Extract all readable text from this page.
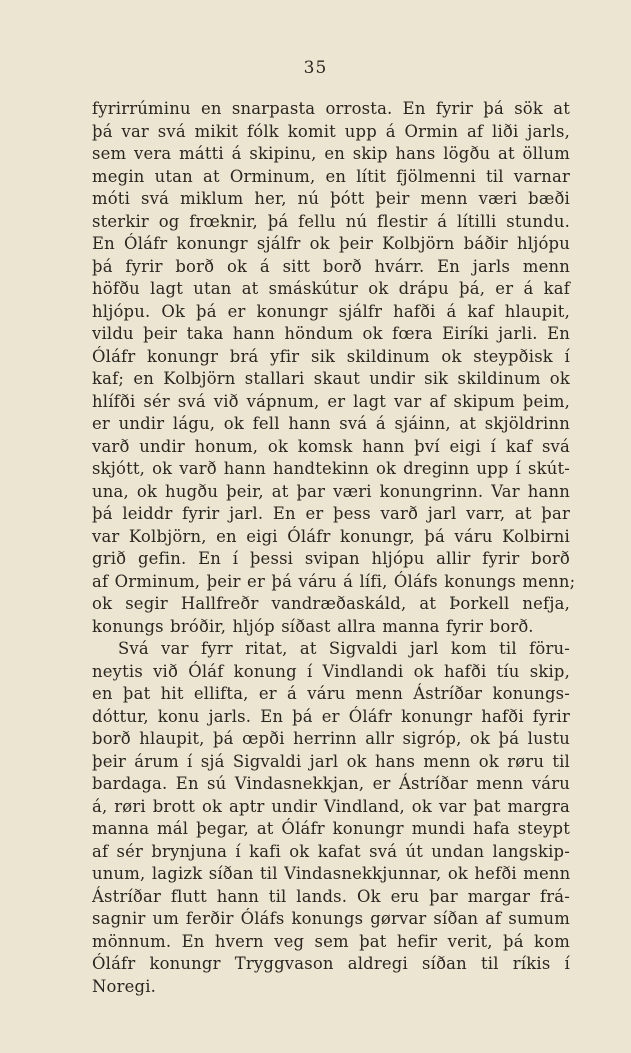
35
fyrirrúminu en snarpasta orrosta. En fyrir þá sök at
þá var svá mikit fólk komit upp á Ormin af liði jarls,
sem vera mátti á skipinu, en skip hans lögðu at öllum
megin utan at Orminum, en lítit fjölmenni til varnar
móti svá miklum her, nú þótt þeir menn væri bæði
sterkir og frœknir, þá fellu nú flestir á lítilli stundu.
En Óláfr konungr sjálfr ok þeir Kolbjörn báðir hljópu
þá fyrir borð ok á sitt borð hvárr. En jarls menn
höfðu lagt utan at smáskútur ok drápu þá, er á kaf
hljópu. Ok þá er konungr sjálfr hafði á kaf hlaupit,
vildu þeir taka hann höndum ok fœra Eiríki jarli. En
Óláfr konungr brá yfir sik skildinum ok steypðisk í
kaf; en Kolbjörn stallari skaut undir sik skildinum ok
hlífði sér svá við vápnum, er lagt var af skipum þeim,
er undir lágu, ok fell hann svá á sjáinn, at skjöldrinn
varð undir honum, ok komsk hann því eigi í kaf svá
skjótt, ok varð hann handtekinn ok dreginn upp í skút-
una, ok hugðu þeir, at þar væri konungrinn. Var hann
þá leiddr fyrir jarl. En er þess varð jarl varr, at þar
var Kolbjörn, en eigi Óláfr konungr, þá váru Kolbirni
grið gefin. En í þessi svipan hljópu allir fyrir borð
af Orminum, þeir er þá váru á lífi, Óláfs konungs menn;
ok segir Hallfreðr vandræðaskáld, at Þorkell nefja,
konungs bróðir, hljóp síðast allra manna fyrir borð.
Svá var fyrr ritat, at Sigvaldi jarl kom til föru-
neytis við Óláf konung í Vindlandi ok hafði tíu skip,
en þat hit ellifta, er á váru menn Ástríðar konungs-
dóttur, konu jarls. En þá er Óláfr konungr hafði fyrir
borð hlaupit, þá œpði herrinn allr sigróp, ok þá lustu
þeir árum í sjá Sigvaldi jarl ok hans menn ok røru til
bardaga. En sú Vindasnekkjan, er Ástríðar menn váru
á, røri brott ok aptr undir Vindland, ok var þat margra
manna mál þegar, at Óláfr konungr mundi hafa steypt
af sér brynjuna í kafi ok kafat svá út undan langskip-
unum, lagizk síðan til Vindasnekkjunnar, ok hefði menn
Ástríðar flutt hann til lands. Ok eru þar margar frá-
sagnir um ferðir Óláfs konungs gørvar síðan af sumum
mönnum. En hvern veg sem þat hefir verit, þá kom
Óláfr konungr Tryggvason aldregi síðan til ríkis í
Noregi.
